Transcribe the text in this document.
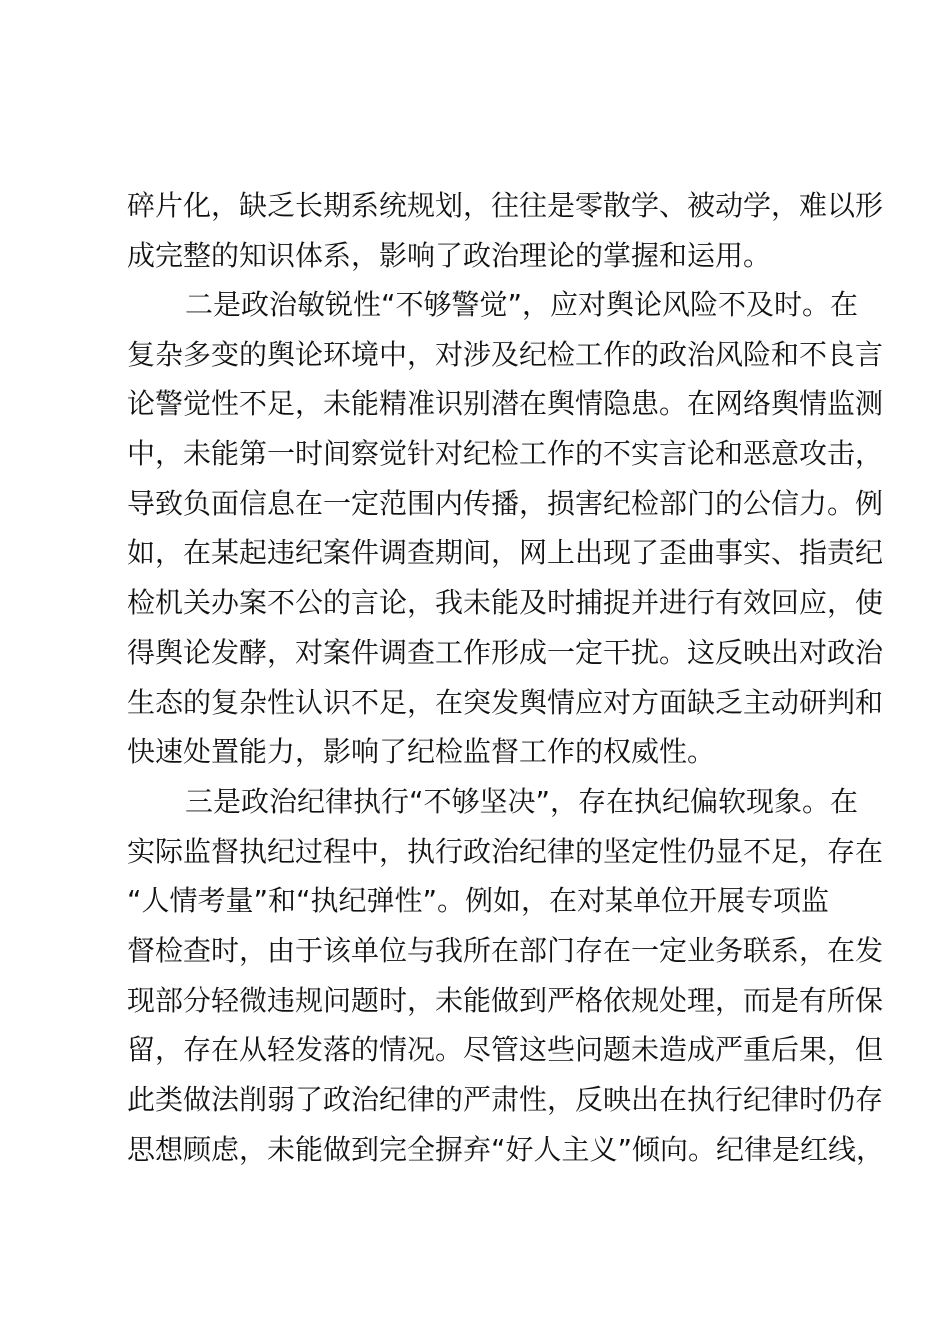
碎片化，缺乏长期系统规划，往往是零散学、被动学，难以形
成完整的知识体系，影响了政治理论的掌握和运用。
二是政治敏锐性“不够警觉”，应对舆论风险不及时。在
复杂多变的舆论环境中，对涉及纪检工作的政治风险和不良言
论警觉性不足，未能精准识别潜在舆情隐患。在网络舆情监测
中，未能第一时间察觉针对纪检工作的不实言论和恶意攻击，
导致负面信息在一定范围内传播，损害纪检部门的公信力。例
如，在某起违纪案件调查期间，网上出现了歪曲事实、指责纪
检机关办案不公的言论，我未能及时捕捉并进行有效回应，使
得舆论发酵，对案件调查工作形成一定干扰。这反映出对政治
生态的复杂性认识不足，在突发舆情应对方面缺乏主动研判和
快速处置能力，影响了纪检监督工作的权威性。
三是政治纪律执行“不够坚决”，存在执纪偏软现象。在
实际监督执纪过程中，执行政治纪律的坚定性仍显不足，存在
“人情考量”和“执纪弹性”。例如，在对某单位开展专项监
督检查时，由于该单位与我所在部门存在一定业务联系，在发
现部分轻微违规问题时，未能做到严格依规处理，而是有所保
留，存在从轻发落的情况。尽管这些问题未造成严重后果，但
此类做法削弱了政治纪律的严肃性，反映出在执行纪律时仍存
思想顾虑，未能做到完全摒弃“好人主义”倾向。纪律是红线，
